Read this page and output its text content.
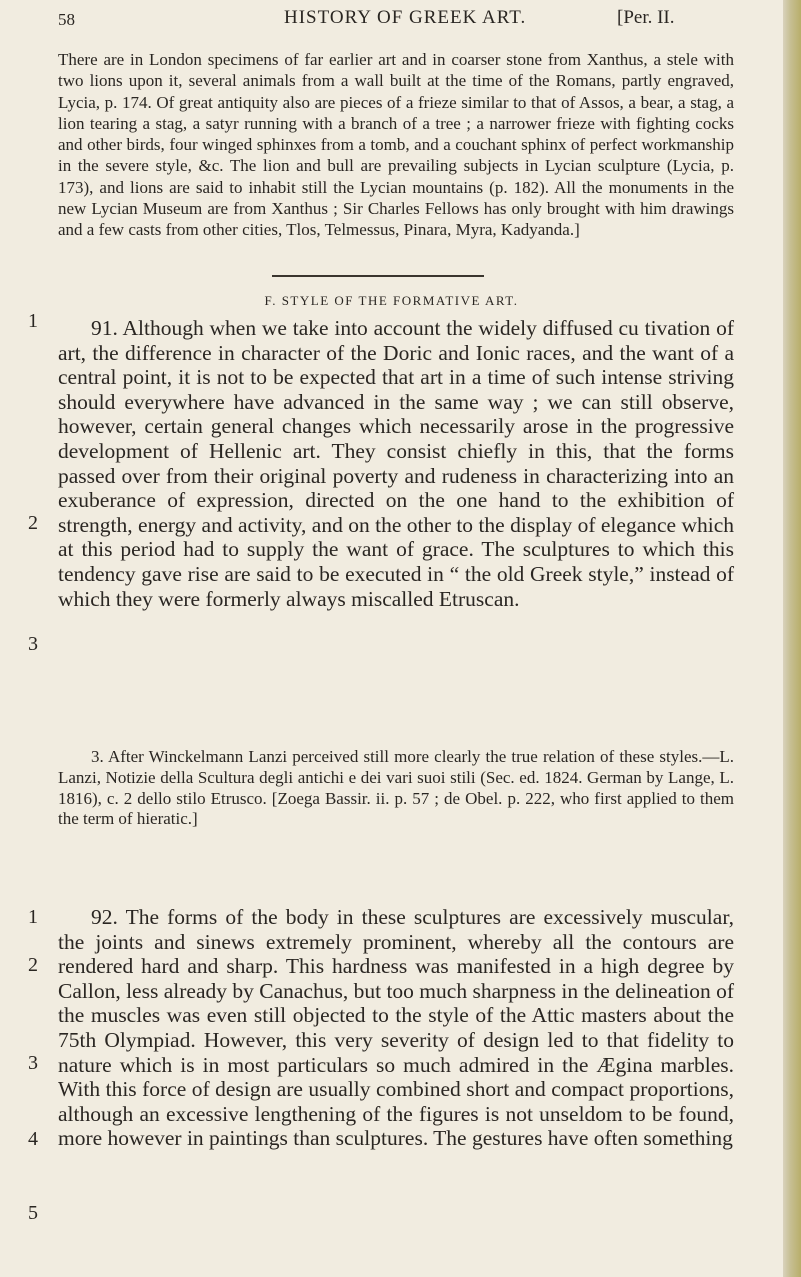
58	HISTORY OF GREEK ART.	[Per. II.
There are in London specimens of far earlier art and in coarser stone from Xanthus, a stele with two lions upon it, several animals from a wall built at the time of the Romans, partly engraved, Lycia, p. 174. Of great antiquity also are pieces of a frieze similar to that of Assos, a bear, a stag, a lion tearing a stag, a satyr running with a branch of a tree ; a narrower frieze with fighting cocks and other birds, four winged sphinxes from a tomb, and a couchant sphinx of perfect workmanship in the severe style, &c. The lion and bull are prevailing subjects in Lycian sculpture (Lycia, p. 173), and lions are said to inhabit still the Lycian mountains (p. 182). All the monuments in the new Lycian Museum are from Xanthus ; Sir Charles Fellows has only brought with him drawings and a few casts from other cities, Tlos, Telmessus, Pinara, Myra, Kadyanda.]
F. STYLE OF THE FORMATIVE ART.
91. Although when we take into account the widely diffused cu tivation of art, the difference in character of the Doric and Ionic races, and the want of a central point, it is not to be expected that art in a time of such intense striving should everywhere have advanced in the same way ; we can still observe, however, certain general changes which necessarily arose in the progressive development of Hellenic art. They consist chiefly in this, that the forms passed over from their original poverty and rudeness in characterizing into an exuberance of expression, directed on the one hand to the exhibition of strength, energy and activity, and on the other to the display of elegance which at this period had to supply the want of grace. The sculptures to which this tendency gave rise are said to be executed in “ the old Greek style,” instead of which they were formerly always miscalled Etruscan.
3. After Winckelmann Lanzi perceived still more clearly the true relation of these styles.—L. Lanzi, Notizie della Scultura degli antichi e dei vari suoi stili (Sec. ed. 1824. German by Lange, L. 1816), c. 2 dello stilo Etrusco. [Zoega Bassir. ii. p. 57 ; de Obel. p. 222, who first applied to them the term of hieratic.]
92. The forms of the body in these sculptures are excessively muscular, the joints and sinews extremely prominent, whereby all the contours are rendered hard and sharp. This hardness was manifested in a high degree by Callon, less already by Canachus, but too much sharpness in the delineation of the muscles was even still objected to the style of the Attic masters about the 75th Olympiad. However, this very severity of design led to that fidelity to nature which is in most particulars so much admired in the Ægina marbles. With this force of design are usually combined short and compact proportions, although an excessive lengthening of the figures is not unseldom to be found, more however in paintings than sculptures. The gestures have often something
1
2
3
1
2
3
4
5
